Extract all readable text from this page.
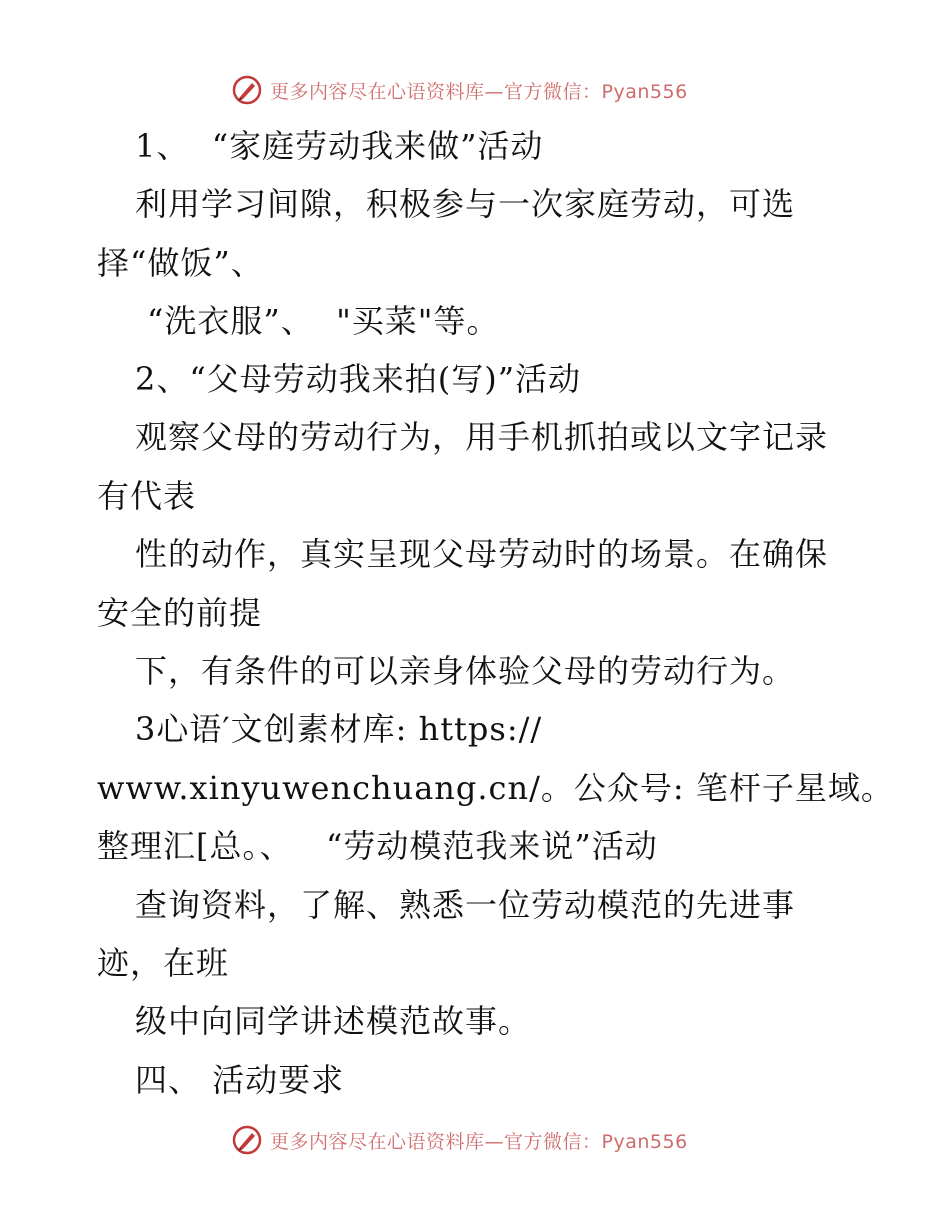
更多内容尽在心语资料库—官方微信：Pyan556

1、  “家庭劳动我来做”活动

利用学习间隙，积极参与一次家庭劳动，可选

择“做饭”、

“洗衣服”、  "买菜"等。

2、“父母劳动我来拍(写)”活动

观察父母的劳动行为，用手机抓拍或以文字记录

有代表

性的动作，真实呈现父母劳动时的场景。在确保

安全的前提

下，有条件的可以亲身体验父母的劳动行为。

3心语′文创素材库: https://

www.xinyuwenchuang.cn/。公众号: 笔杆子星域。

整理汇[总。、   “劳动模范我来说”活动

查询资料，了解、熟悉一位劳动模范的先进事

迹，在班

级中向同学讲述模范故事。

四、 活动要求

更多内容尽在心语资料库—官方微信：Pyan556
